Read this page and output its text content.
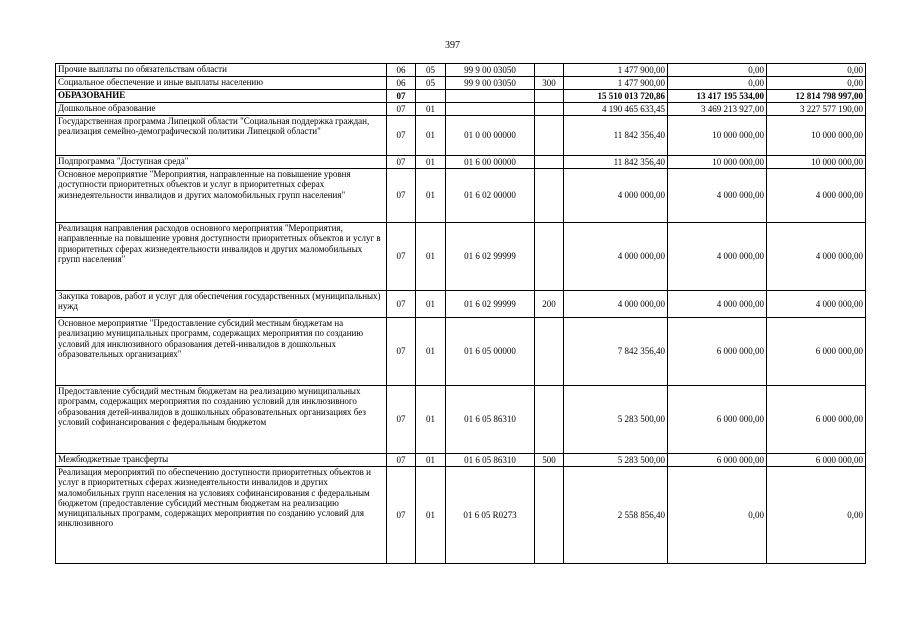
397
Прочие выплаты по обязательствам области	06	05	99 9 00 03050		1 477 900,00	0,00	0,00
Социальное обеспечение и иные выплаты населению	06	05	99 9 00 03050	300	1 477 900,00	0,00	0,00
ОБРАЗОВАНИЕ	07				15 510 013 720,86	13 417 195 534,00	12 814 798 997,00
Дошкольное образование	07	01			4 190 465 633,45	3 469 213 927,00	3 227 577 190,00
Государственная программа Липецкой области "Социальная поддержка граждан, реализация семейно-демографической политики Липецкой области"	07	01	01 0 00 00000		11 842 356,40	10 000 000,00	10 000 000,00
Подпрограмма "Доступная среда"	07	01	01 6 00 00000		11 842 356,40	10 000 000,00	10 000 000,00
Основное мероприятие "Мероприятия, направленные на повышение уровня доступности приоритетных объектов и услуг в приоритетных сферах жизнедеятельности инвалидов и других маломобильных групп населения"	07	01	01 6 02 00000		4 000 000,00	4 000 000,00	4 000 000,00
Реализация направления расходов основного мероприятия "Мероприятия, направленные на повышение уровня доступности приоритетных объектов и услуг в приоритетных сферах жизнедеятельности инвалидов и других маломобильных групп населения"	07	01	01 6 02 99999		4 000 000,00	4 000 000,00	4 000 000,00
Закупка товаров, работ и услуг для обеспечения государственных (муниципальных) нужд	07	01	01 6 02 99999	200	4 000 000,00	4 000 000,00	4 000 000,00
Основное мероприятие "Предоставление субсидий местным бюджетам на реализацию муниципальных программ, содержащих мероприятия по созданию условий для инклюзивного образования детей-инвалидов в дошкольных образовательных организациях"	07	01	01 6 05 00000		7 842 356,40	6 000 000,00	6 000 000,00
Предоставление субсидий местным бюджетам на реализацию муниципальных программ, содержащих мероприятия по созданию условий для инклюзивного образования детей-инвалидов в дошкольных образовательных организациях без условий софинансирования с федеральным бюджетом	07	01	01 6 05 86310		5 283 500,00	6 000 000,00	6 000 000,00
Межбюджетные трансферты	07	01	01 6 05 86310	500	5 283 500,00	6 000 000,00	6 000 000,00
Реализация мероприятий по обеспечению доступности приоритетных объектов и услуг в приоритетных сферах жизнедеятельности инвалидов и других маломобильных групп населения на условиях софинансирования с федеральным бюджетом (предоставление субсидий местным бюджетам на реализацию муниципальных программ, содержащих мероприятия по созданию условий для инклюзивного	07	01	01 6 05 R0273		2 558 856,40	0,00	0,00
